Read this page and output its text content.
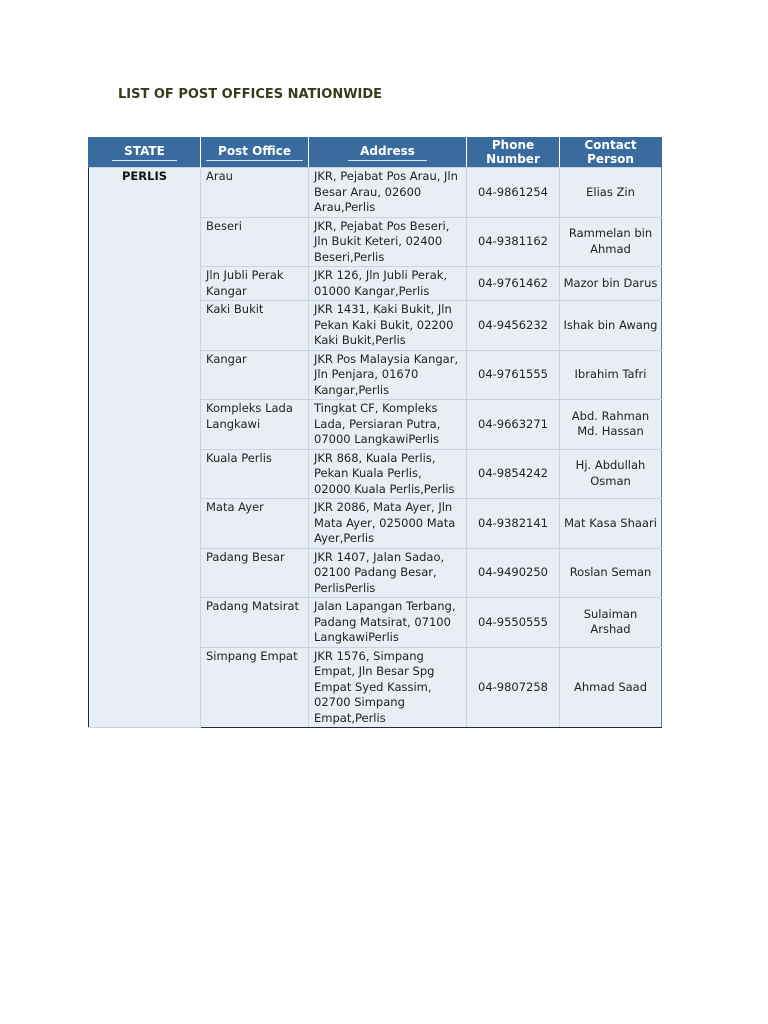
LIST OF POST OFFICES NATIONWIDE
STATE	Post Office	Address	Phone Number	Contact Person
PERLIS	Arau	JKR, Pejabat Pos Arau, Jln Besar Arau, 02600 Arau,Perlis	04-9861254	Elias Zin
	Beseri	JKR, Pejabat Pos Beseri, Jln Bukit Keteri, 02400 Beseri,Perlis	04-9381162	Rammelan bin Ahmad
	Jln Jubli Perak Kangar	JKR 126, Jln Jubli Perak, 01000 Kangar,Perlis	04-9761462	Mazor bin Darus
	Kaki Bukit	JKR 1431, Kaki Bukit, Jln Pekan Kaki Bukit, 02200 Kaki Bukit,Perlis	04-9456232	Ishak bin Awang
	Kangar	JKR Pos Malaysia Kangar, Jln Penjara, 01670 Kangar,Perlis	04-9761555	Ibrahim Tafri
	Kompleks Lada Langkawi	Tingkat CF, Kompleks Lada, Persiaran Putra, 07000 LangkawiPerlis	04-9663271	Abd. Rahman Md. Hassan
	Kuala Perlis	JKR 868, Kuala Perlis, Pekan Kuala Perlis, 02000 Kuala Perlis,Perlis	04-9854242	Hj. Abdullah Osman
	Mata Ayer	JKR 2086, Mata Ayer, Jln Mata Ayer, 025000 Mata Ayer,Perlis	04-9382141	Mat Kasa Shaari
	Padang Besar	JKR 1407, Jalan Sadao, 02100 Padang Besar, PerlisPerlis	04-9490250	Roslan Seman
	Padang Matsirat	Jalan Lapangan Terbang, Padang Matsirat, 07100 LangkawiPerlis	04-9550555	Sulaiman Arshad
	Simpang Empat	JKR 1576, Simpang Empat, Jln Besar Spg Empat Syed Kassim, 02700 Simpang Empat,Perlis	04-9807258	Ahmad Saad
